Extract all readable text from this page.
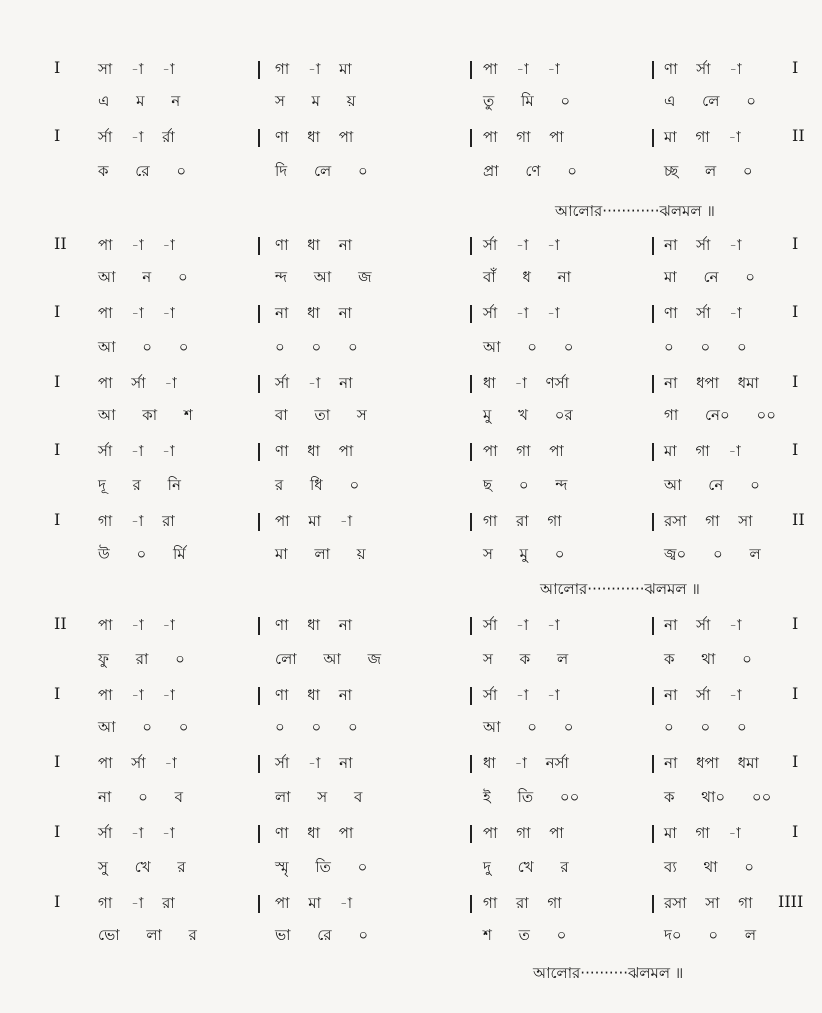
I	সা -া -া	গা -া মা	পা -া -া	ণা র্সা -া	I
এ ম ন	স ম য়	তু মি ০	এ লে ০
I	র্সা -া র্রা	ণা ধা পা	পা গা পা	মা গা -া	II
ক রে ০	দি লে ০	প্রা ণে ০	চ্ছ ল ০
আলোর············ঝলমল ॥
II পা -া -া	ণা ধা না	র্সা -া -া	না র্সা -া	I
আ ন ০	ন্দ আ জ	বাঁ ধ না	মা নে ০
I	পা -া -া	না ধা না	র্সা -া -া	ণা র্সা -া	I
আ ০ ০	০ ০ ০	আ ০ ০	০ ০ ০
I	পা র্সা -া	র্সা -া না	ধা -া ণর্সা	না ধপা ধমা I
আ কা শ	বা তা স	মু খ ০র	গা নে০ ০০
I	র্সা -া -া	ণা ধা পা	পা গা পা	মা গা -া	I
দূ র নি	র ধি ০	ছ ০ ন্দ	আ নে ০
I	গা -া রা	পা মা -া	গা রা গা	রসা গা সা II
উ ০ র্মি	মা লা য়	স মু ০	জ্ব০ ০ ল
আলোর············ঝলমল ॥
II পা -া -া	ণা ধা না	র্সা -া -া	না র্সা -া	I
ফু রা ০	লো আ জ	স ক ল	ক থা ০
I	পা -া -া	ণা ধা না	র্সা -া -া	না র্সা -া	I
আ ০ ০	০ ০ ০	আ ০ ০	০ ০ ০
I	পা র্সা -া	র্সা -া না	ধা -া নর্সা	না ধপা ধমা I
না ০ ব	লা স ব	ই তি ০০	ক থা০ ০০
I	র্সা -া -া	ণা ধা পা	পা গা পা	মা গা -া	I
সু খে র	স্মৃ তি ০	দু খে র	ব্য থা ০
I	গা -া রা	পা মা -া	গা রা গা	রসা সা গা IIII
ভো লা র	ভা রে ০	শ ত ০	দ০ ০ ল
আলোর··········ঝলমল ॥
